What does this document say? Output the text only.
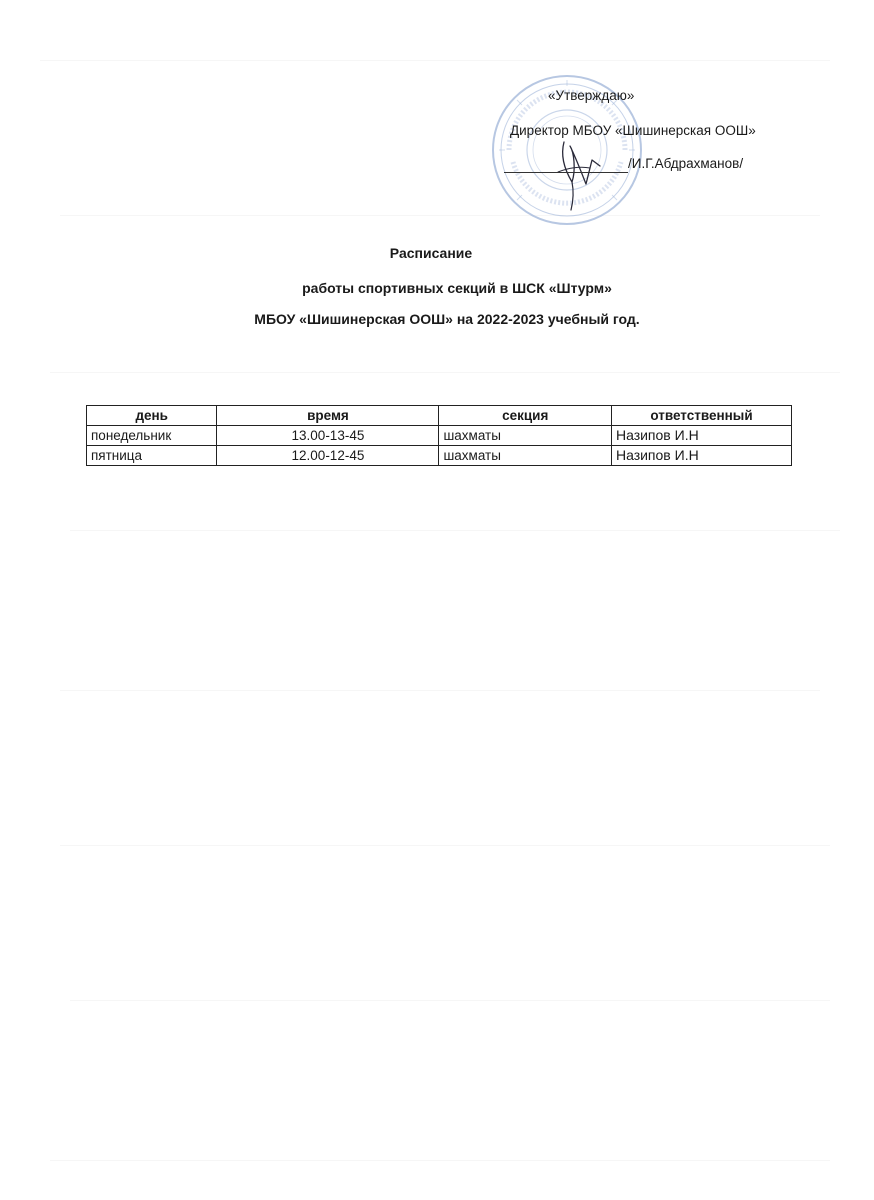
«Утверждаю»
Директор МБОУ «Шишинерская ООШ»
/И.Г.Абдрахманов/
Расписание
работы спортивных секций в ШСК «Штурм»
МБОУ «Шишинерская ООШ» на 2022-2023 учебный год.
день	время	секция	ответственный
понедельник	13.00-13-45	шахматы	Назипов И.Н
пятница	12.00-12-45	шахматы	Назипов И.Н
